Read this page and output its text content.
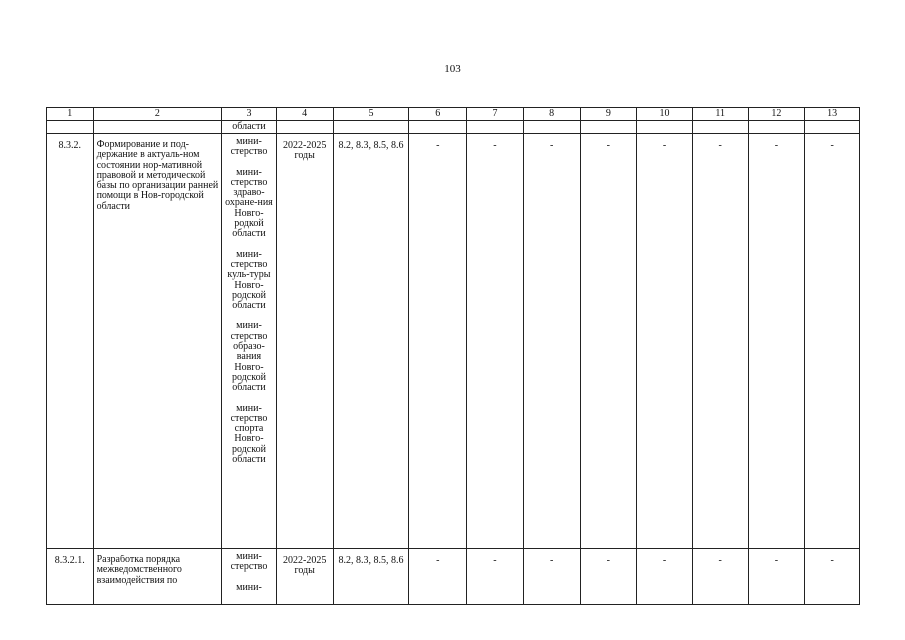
103
1	2	3	4	5	6	7	8	9	10	11	12	13
		области										
8.3.2.	Формирование и под-держание в актуаль-ном состоянии нор-мативной правовой и методической базы по организации ранней помощи в Нов-городской области	мини-стерство
мини-стерство здраво-охране-ния Новго-родкой области
мини-стерство куль-туры Новго-родской области
мини-стерство образо-вания Новго-родской области
мини-стерство спорта Новго-родской области	2022-2025 годы	8.2, 8.3, 8.5, 8.6	-	-	-	-	-	-	-	-

8.3.2.1.	Разработка порядка межведомственного взаимодействия по	мини-стерство
мини-	2022-2025 годы	8.2, 8.3, 8.5, 8.6	-	-	-	-	-	-	-	-
